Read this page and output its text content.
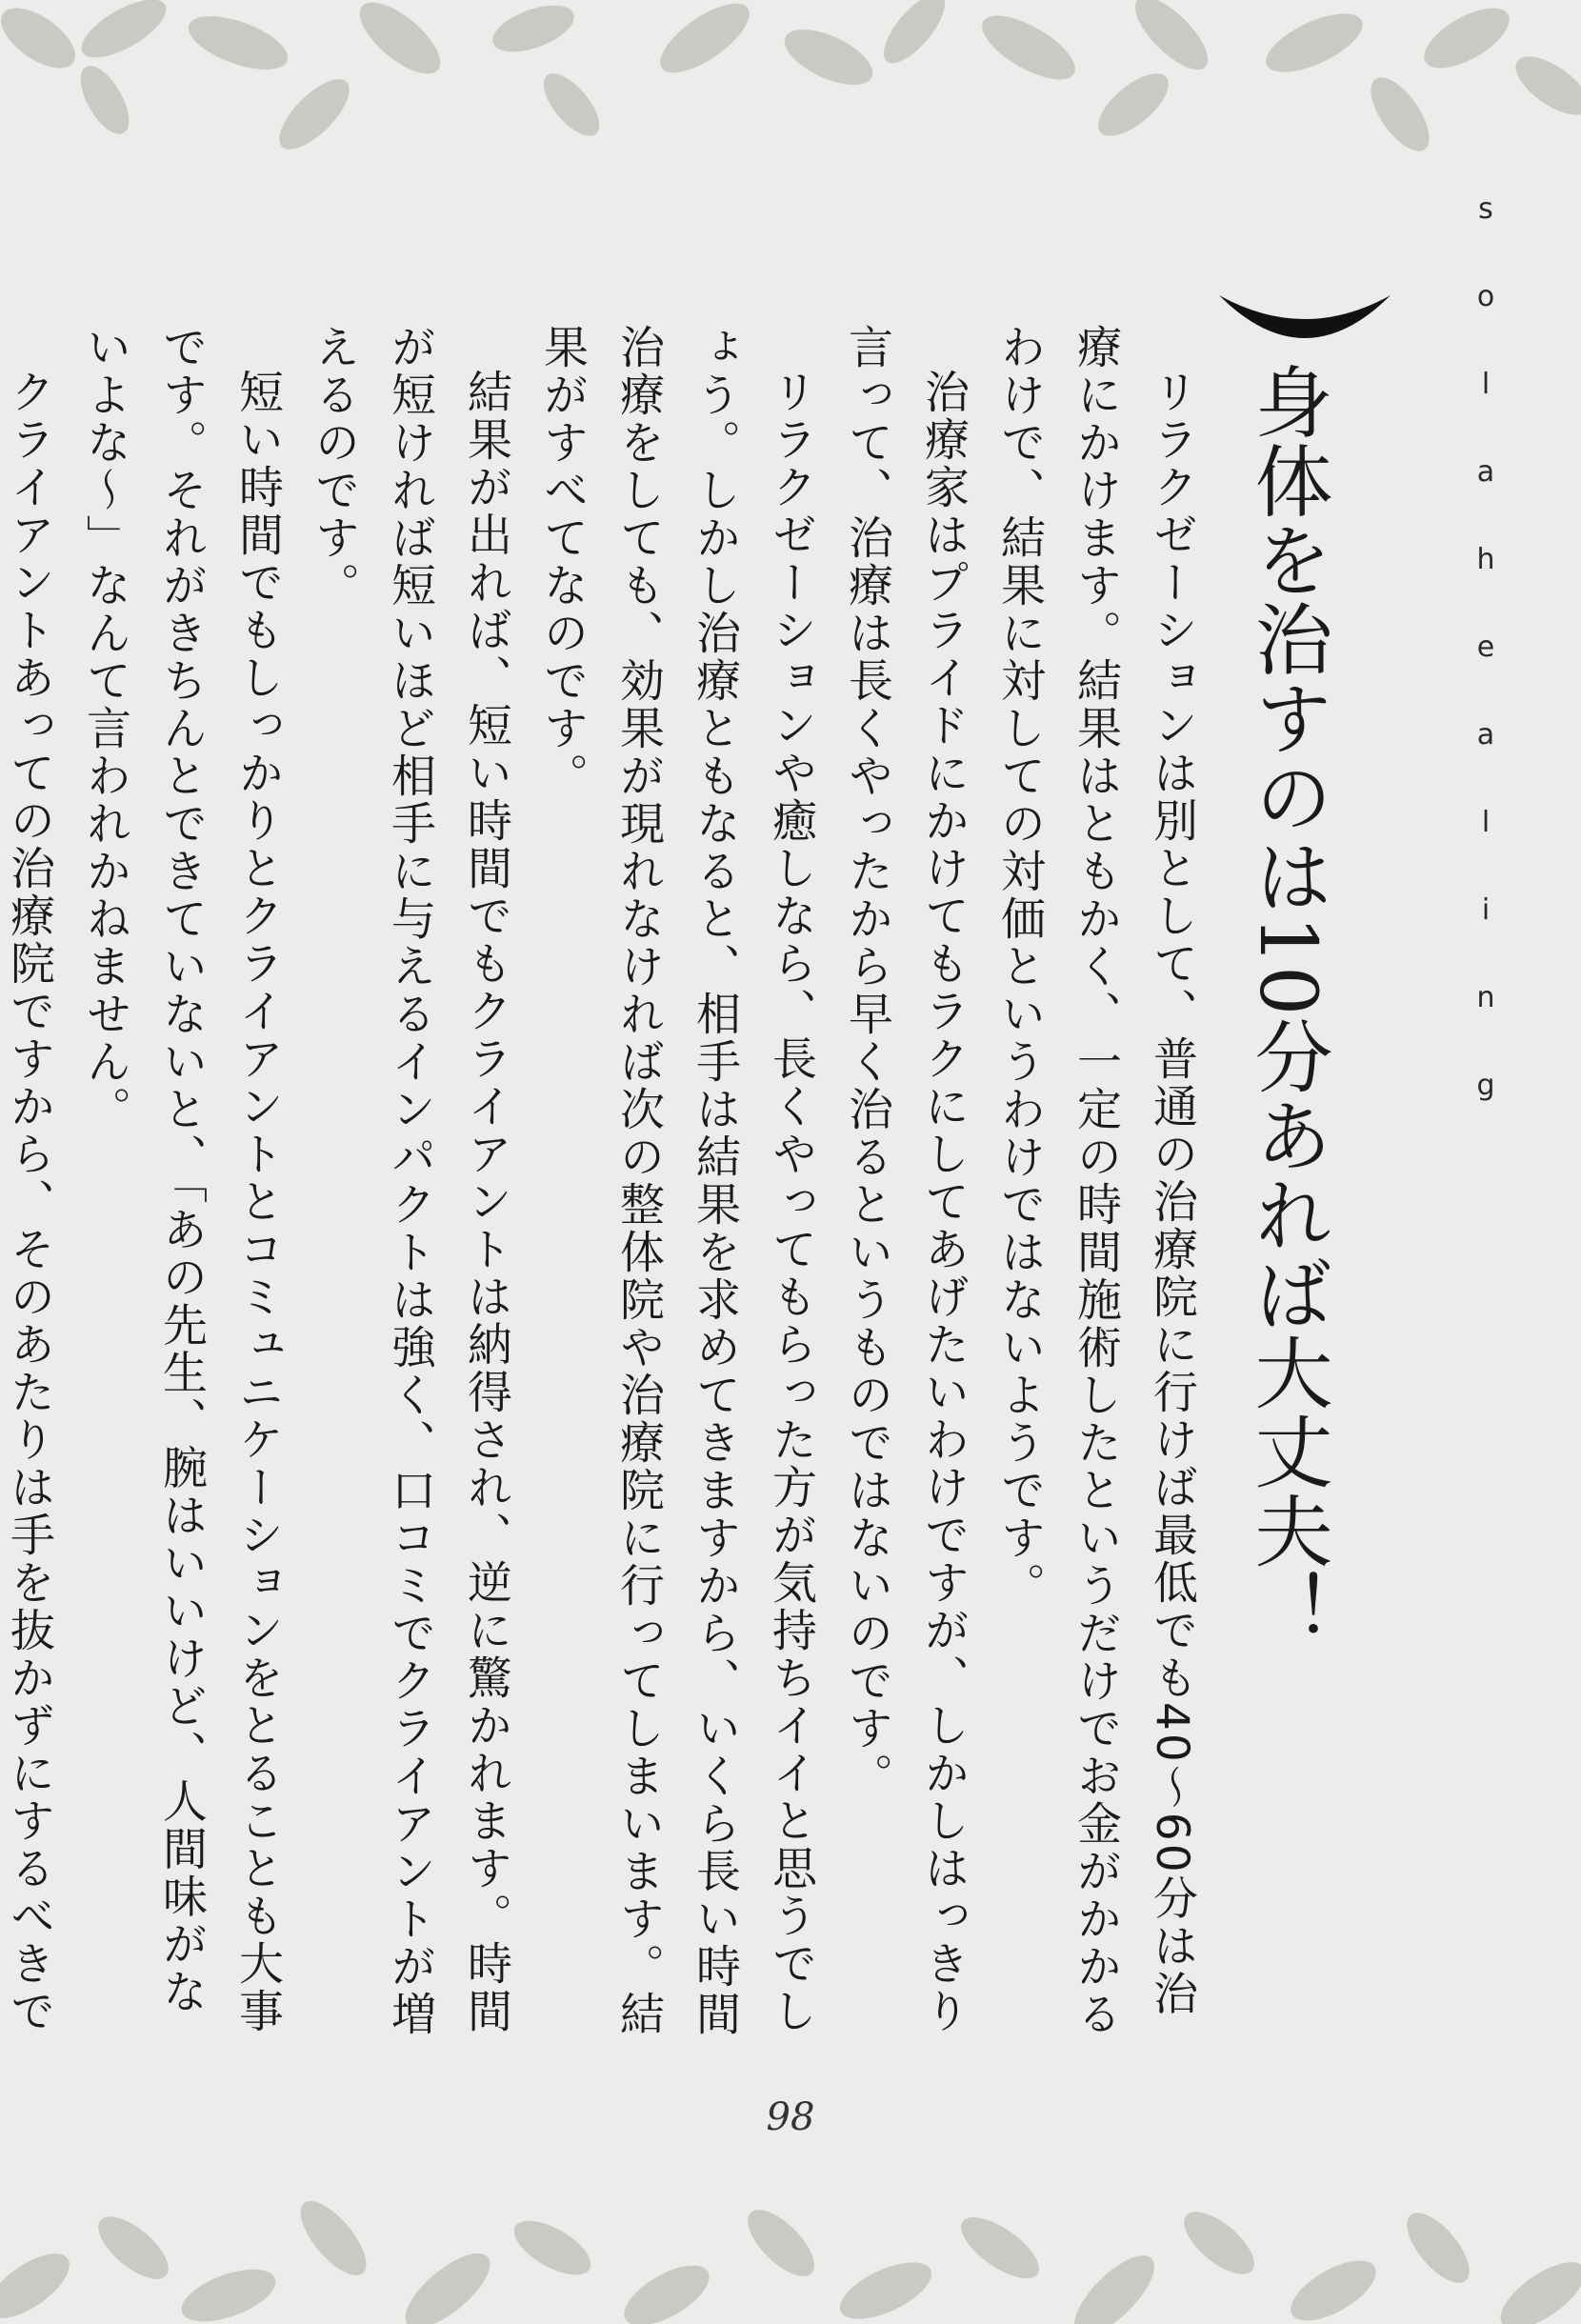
s
o
l
a
h
e
a
l
i
n
g
身体を治すのは10分あれば大丈夫！

リラクゼーションは別として、普通の治療院に行けば最低でも40〜60分は治療にかけます。結果はともかく、一定の時間施術したというだけでお金がかかるわけで、結果に対しての対価というわけではないようです。

治療家はプライドにかけてもラクにしてあげたいわけですが、しかしはっきり言って、治療は長くやったから早く治るというものではないのです。

リラクゼーションや癒しなら、長くやってもらった方が気持ちイイと思うでしょう。しかし治療ともなると、相手は結果を求めてきますから、いくら長い時間治療をしても、効果が現れなければ次の整体院や治療院に行ってしまいます。結果がすべてなのです。

結果が出れば、短い時間でもクライアントは納得され、逆に驚かれます。時間が短ければ短いほど相手に与えるインパクトは強く、口コミでクライアントが増えるのです。

短い時間でもしっかりとクライアントとコミュニケーションをとることも大事です。それがきちんとできていないと、「あの先生、腕はいいけど、人間味がないよな〜」なんて言われかねません。

クライアントあっての治療院ですから、そのあたりは手を抜かずにするべきで

98
